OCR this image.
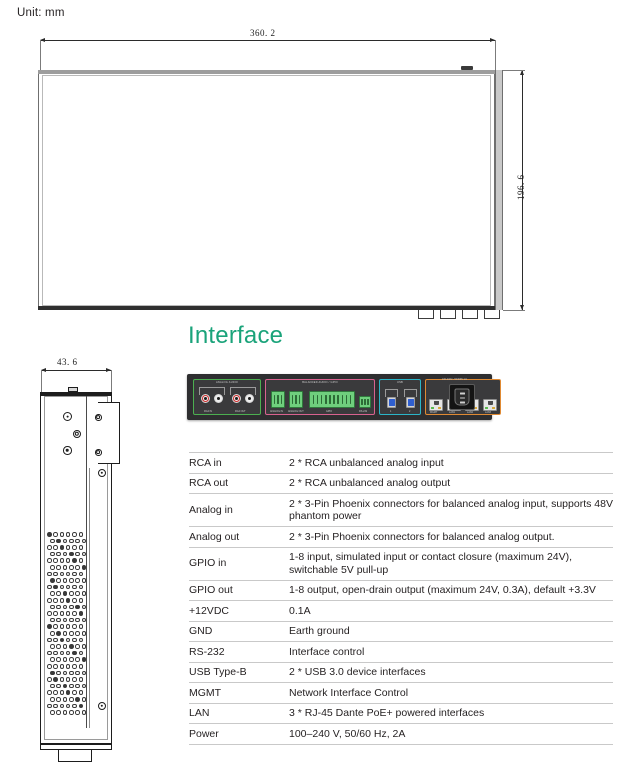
Unit: mm
360. 2
196. 6
43. 6
Interface
ANALOG AUDIO
RCA IN	RCA OUT
BALANCED AUDIO / GPIO
ANALOG IN ANALOG OUT	GPIO	RS-232
USB
1	2	MGMT	LAN1	LAN2	LAN3
100-240V~ 50/60Hz 2A
RCA in	2 * RCA unbalanced analog input
RCA out	2 * RCA unbalanced analog output
Analog in	2 * 3-Pin Phoenix connectors for balanced analog input, supports 48V phantom power
Analog out	2 * 3-Pin Phoenix connectors for balanced analog output.
GPIO in	1-8 input, simulated input or contact closure (maximum 24V), switchable 5V pull-up
GPIO out	1-8 output, open-drain output (maximum 24V, 0.3A), default +3.3V
+12VDC	0.1A
GND	Earth ground
RS-232	Interface control
USB Type-B	2 * USB 3.0 device interfaces
MGMT	Network Interface Control
LAN	3 * RJ-45 Dante PoE+ powered interfaces
Power	100–240 V, 50/60 Hz, 2A
